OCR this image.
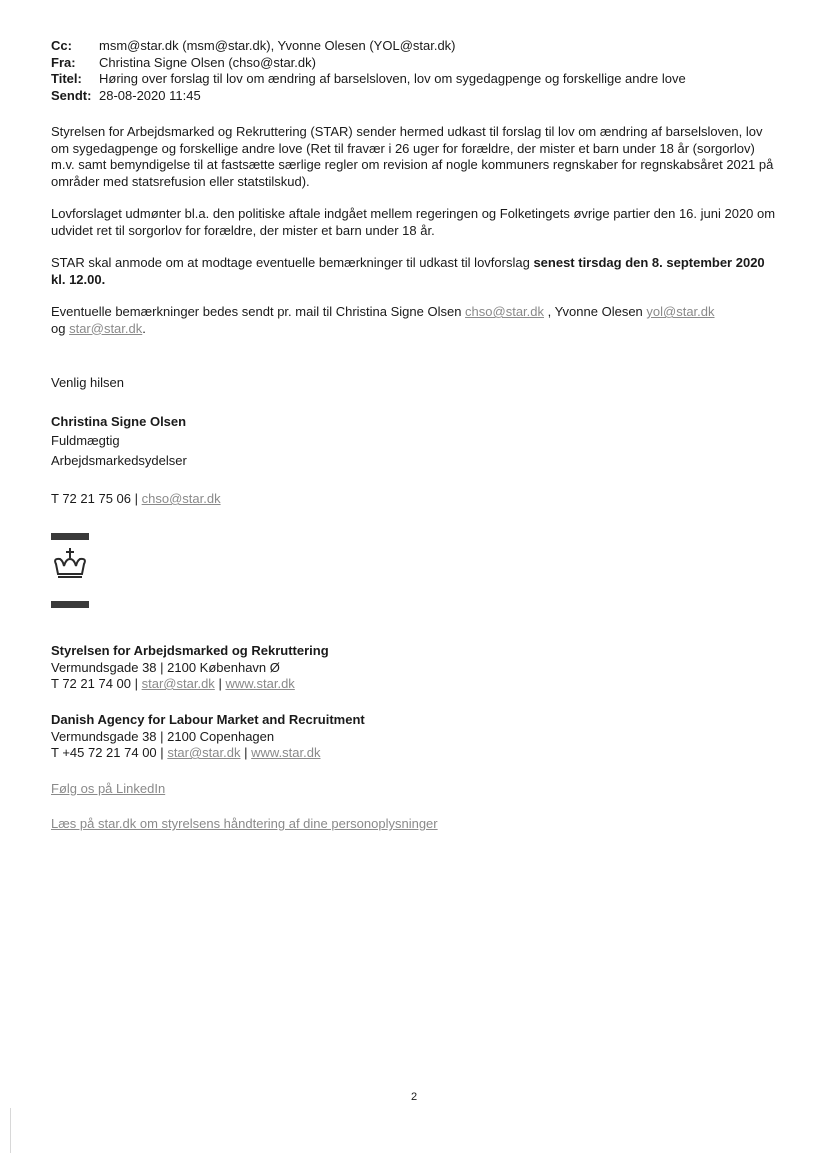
Cc:	msm@star.dk (msm@star.dk), Yvonne Olesen (YOL@star.dk)
Fra:	Christina Signe Olsen (chso@star.dk)
Titel:	Høring over forslag til lov om ændring af barselsloven, lov om sygedagpenge og forskellige andre love
Sendt: 28-08-2020 11:45

Styrelsen for Arbejdsmarked og Rekruttering (STAR) sender hermed udkast til forslag til lov om ændring af barselsloven, lov om sygedagpenge og forskellige andre love (Ret til fravær i 26 uger for forældre, der mister et barn under 18 år (sorgorlov) m.v. samt bemyndigelse til at fastsætte særlige regler om revision af nogle kommuners regnskaber for regnskabsåret 2021 på områder med statsrefusion eller statstilskud).

Lovforslaget udmønter bl.a. den politiske aftale indgået mellem regeringen og Folketingets øvrige partier den 16. juni 2020 om udvidet ret til sorgorlov for forældre, der mister et barn under 18 år.

STAR skal anmode om at modtage eventuelle bemærkninger til udkast til lovforslag senest tirsdag den 8. september 2020 kl. 12.00.

Eventuelle bemærkninger bedes sendt pr. mail til Christina Signe Olsen chso@star.dk , Yvonne Olesen yol@star.dk
og star@star.dk.

Venlig hilsen

Christina Signe Olsen

Fuldmægtig

Arbejdsmarkedsydelser

T 72 21 75 06 | chso@star.dk

Styrelsen for Arbejdsmarked og Rekruttering

Vermundsgade 38 | 2100 København Ø

T 72 21 74 00 | star@star.dk | www.star.dk

Danish Agency for Labour Market and Recruitment

Vermundsgade 38 | 2100 Copenhagen

T +45 72 21 74 00 | star@star.dk | www.star.dk

Følg os på LinkedIn
Læs på star.dk om styrelsens håndtering af dine personoplysninger
2
